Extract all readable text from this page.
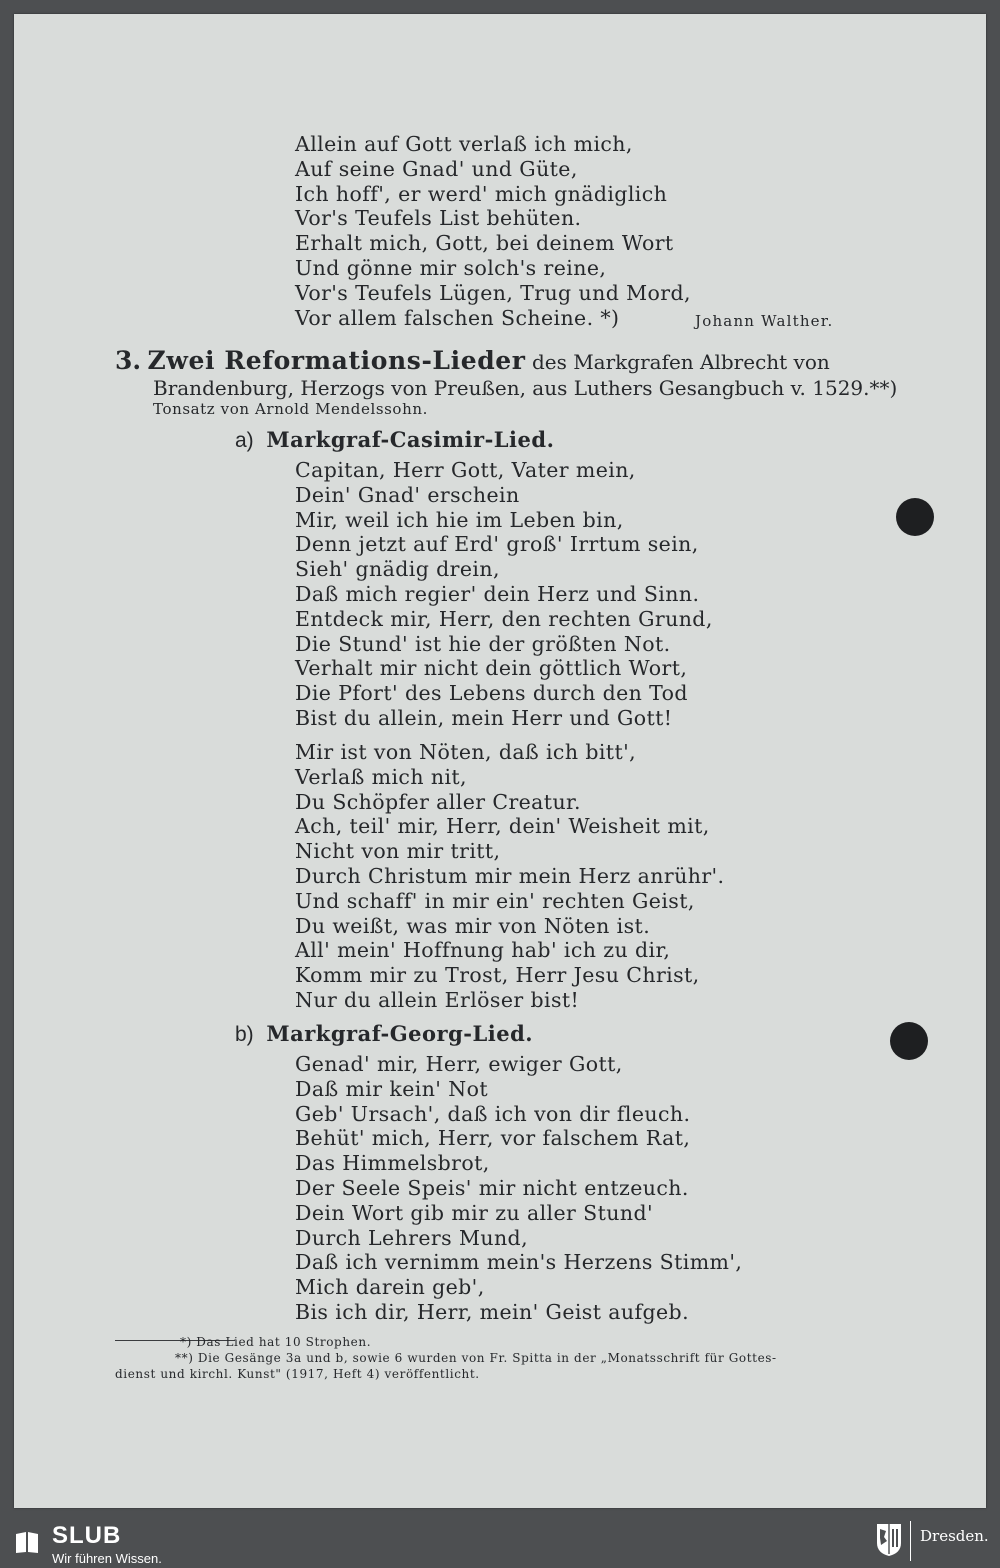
Allein auf Gott verlaß ich mich,
Auf seine Gnad' und Güte,
Ich hoff', er werd' mich gnädiglich
Vor's Teufels List behüten.
Erhalt mich, Gott, bei deinem Wort
Und gönne mir solch's reine,
Vor's Teufels Lügen, Trug und Mord,
Vor allem falschen Scheine. *)	Johann Walther.
3. Zwei Reformations-Lieder des Markgrafen Albrecht von
Brandenburg, Herzogs von Preußen, aus Luthers Gesangbuch v. 1529.**)
Tonsatz von Arnold Mendelssohn.
a) Markgraf-Casimir-Lied.
Capitan, Herr Gott, Vater mein,
Dein' Gnad' erschein
Mir, weil ich hie im Leben bin,
Denn jetzt auf Erd' groß' Irrtum sein,
Sieh' gnädig drein,
Daß mich regier' dein Herz und Sinn.
Entdeck mir, Herr, den rechten Grund,
Die Stund' ist hie der größten Not.
Verhalt mir nicht dein göttlich Wort,
Die Pfort' des Lebens durch den Tod
Bist du allein, mein Herr und Gott!
Mir ist von Nöten, daß ich bitt',
Verlaß mich nit,
Du Schöpfer aller Creatur.
Ach, teil' mir, Herr, dein' Weisheit mit,
Nicht von mir tritt,
Durch Christum mir mein Herz anrühr'.
Und schaff' in mir ein' rechten Geist,
Du weißt, was mir von Nöten ist.
All' mein' Hoffnung hab' ich zu dir,
Komm mir zu Trost, Herr Jesu Christ,
Nur du allein Erlöser bist!
b) Markgraf-Georg-Lied.
Genad' mir, Herr, ewiger Gott,
Daß mir kein' Not
Geb' Ursach', daß ich von dir fleuch.
Behüt' mich, Herr, vor falschem Rat,
Das Himmelsbrot,
Der Seele Speis' mir nicht entzeuch.
Dein Wort gib mir zu aller Stund'
Durch Lehrers Mund,
Daß ich vernimm mein's Herzens Stimm',
Mich darein geb',
Bis ich dir, Herr, mein' Geist aufgeb.
*) Das Lied hat 10 Strophen.
**) Die Gesänge 3a und b, sowie 6 wurden von Fr. Spitta in der „Monatsschrift für Gottes-
dienst und kirchl. Kunst" (1917, Heft 4) veröffentlicht.
SLUB
Wir führen Wissen.
Dresden.
